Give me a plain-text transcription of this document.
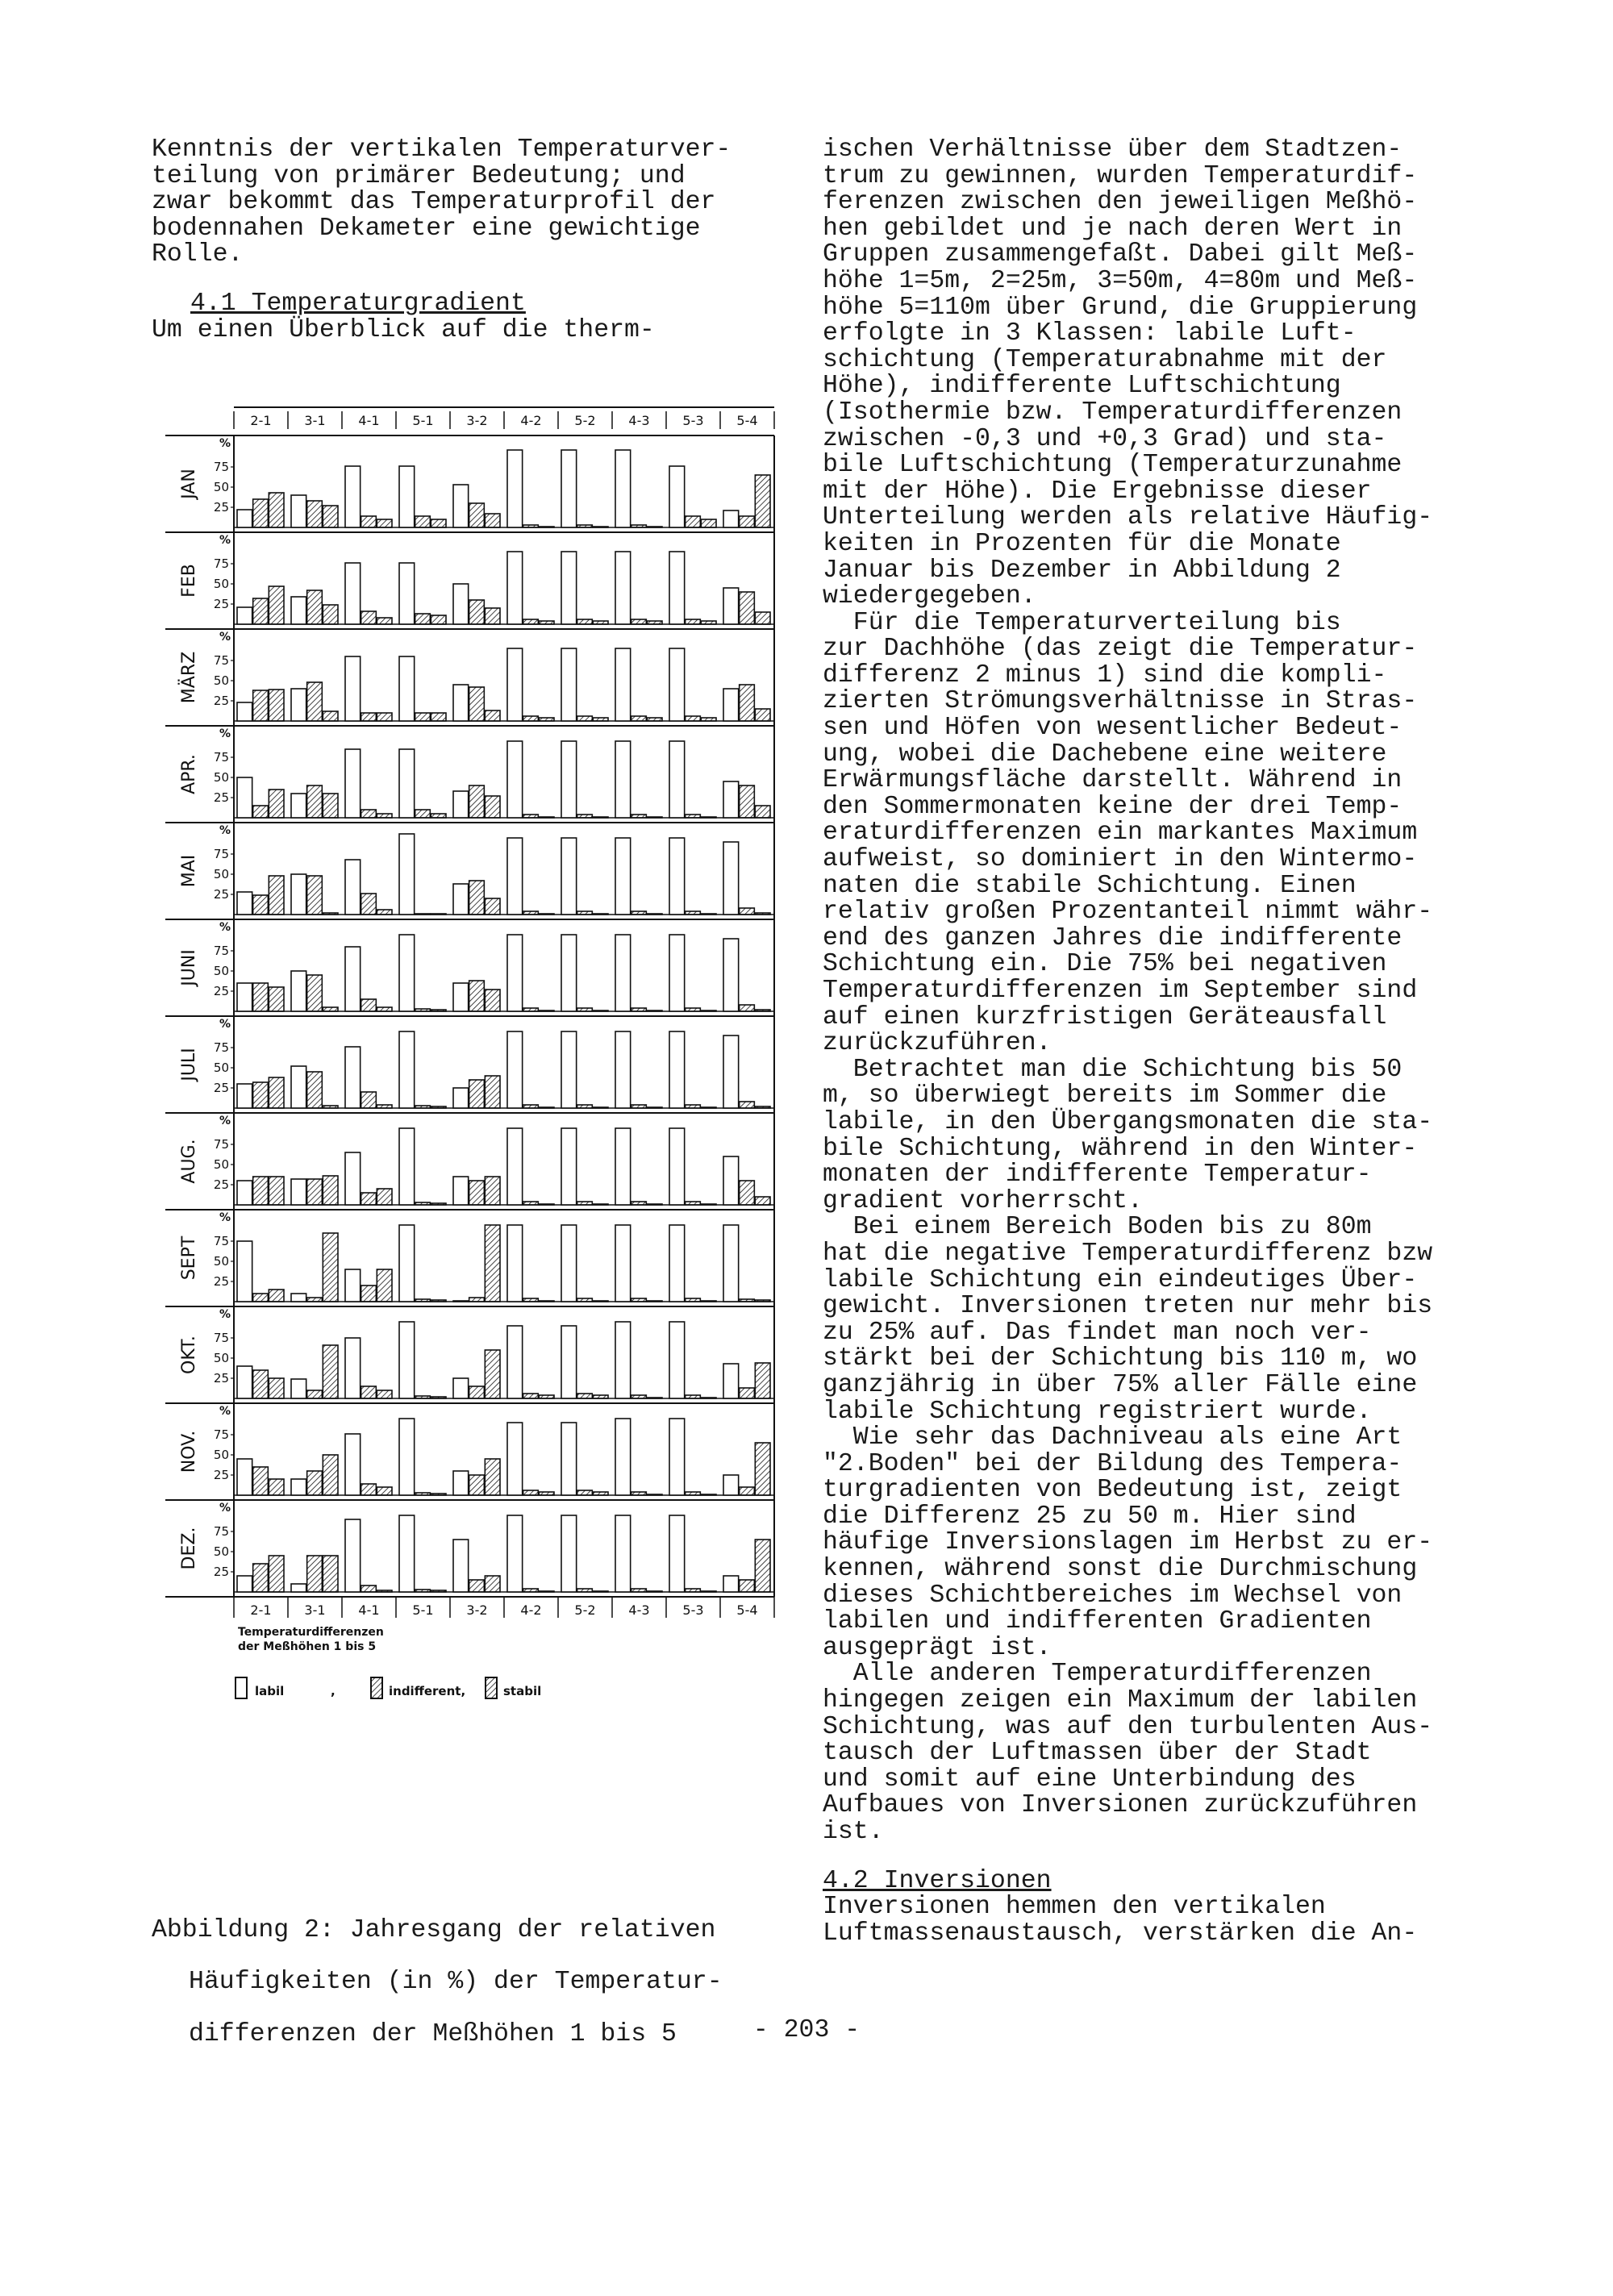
Kenntnis der vertikalen Temperaturver-

teilung von primärer Bedeutung; und

zwar bekommt das Temperaturprofil der

bodennahen Dekameter eine gewichtige

Rolle.

4.1 Temperaturgradient

Um einen Überblick auf die therm-

2-1	3-1	4-1	5-1	3-2	4-2	5-2	4-3	5-3	5-4
JAN
%
25
50
75
FEB
%
25
50
75
MÄRZ
%
25
50
75
APR.
%
25
50
75
MAI
%
25
50
75
JUNI
%
25
50
75
JULI
%
25
50
75
AUG.
%
25
50
75
SEPT
%
25
50
75
OKT.
%
25
50
75
NOV.
%
25
50
75
DEZ.
%
25
50
75
2-1	3-1	4-1	5-1	3-2	4-2	5-2	4-3	5-3	5-4
Temperaturdifferenzen
der Meßhöhen 1 bis 5
labil	,	indifferent,	stabil

Abbildung 2: Jahresgang der relativen

Häufigkeiten (in %) der Temperatur-

differenzen der Meßhöhen 1 bis 5

ischen Verhältnisse über dem Stadtzen-

trum zu gewinnen, wurden Temperaturdif-

ferenzen zwischen den jeweiligen Meßhö-

hen gebildet und je nach deren Wert in

Gruppen zusammengefaßt. Dabei gilt Meß-

höhe 1=5m, 2=25m, 3=50m, 4=80m und Meß-

höhe 5=110m über Grund, die Gruppierung

erfolgte in 3 Klassen: labile Luft-

schichtung (Temperaturabnahme mit der

Höhe), indifferente Luftschichtung

(Isothermie bzw. Temperaturdifferenzen

zwischen -0,3 und +0,3 Grad) und sta-

bile Luftschichtung (Temperaturzunahme

mit der Höhe). Die Ergebnisse dieser

Unterteilung werden als relative Häufig-

keiten in Prozenten für die Monate

Januar bis Dezember in Abbildung 2

wiedergegeben.

Für die Temperaturverteilung bis

zur Dachhöhe (das zeigt die Temperatur-

differenz 2 minus 1) sind die kompli-

zierten Strömungsverhältnisse in Stras-

sen und Höfen von wesentlicher Bedeut-

ung, wobei die Dachebene eine weitere

Erwärmungsfläche darstellt. Während in

den Sommermonaten keine der drei Temp-

eraturdifferenzen ein markantes Maximum

aufweist, so dominiert in den Wintermo-

naten die stabile Schichtung. Einen

relativ großen Prozentanteil nimmt währ-

end des ganzen Jahres die indifferente

Schichtung ein. Die 75% bei negativen

Temperaturdifferenzen im September sind

auf einen kurzfristigen Geräteausfall

zurückzuführen.

Betrachtet man die Schichtung bis 50

m, so überwiegt bereits im Sommer die

labile, in den Übergangsmonaten die sta-

bile Schichtung, während in den Winter-

monaten der indifferente Temperatur-

gradient vorherrscht.

Bei einem Bereich Boden bis zu 80m

hat die negative Temperaturdifferenz bzw

labile Schichtung ein eindeutiges Über-

gewicht. Inversionen treten nur mehr bis

zu 25% auf. Das findet man noch ver-

stärkt bei der Schichtung bis 110 m, wo

ganzjährig in über 75% aller Fälle eine

labile Schichtung registriert wurde.

Wie sehr das Dachniveau als eine Art

"2.Boden" bei der Bildung des Tempera-

turgradienten von Bedeutung ist, zeigt

die Differenz 25 zu 50 m. Hier sind

häufige Inversionslagen im Herbst zu er-

kennen, während sonst die Durchmischung

dieses Schichtbereiches im Wechsel von

labilen und indifferenten Gradienten

ausgeprägt ist.

Alle anderen Temperaturdifferenzen

hingegen zeigen ein Maximum der labilen

Schichtung, was auf den turbulenten Aus-

tausch der Luftmassen über der Stadt

und somit auf eine Unterbindung des

Aufbaues von Inversionen zurückzuführen

ist.

4.2 Inversionen

Inversionen hemmen den vertikalen

Luftmassenaustausch, verstärken die An-

- 203 -
